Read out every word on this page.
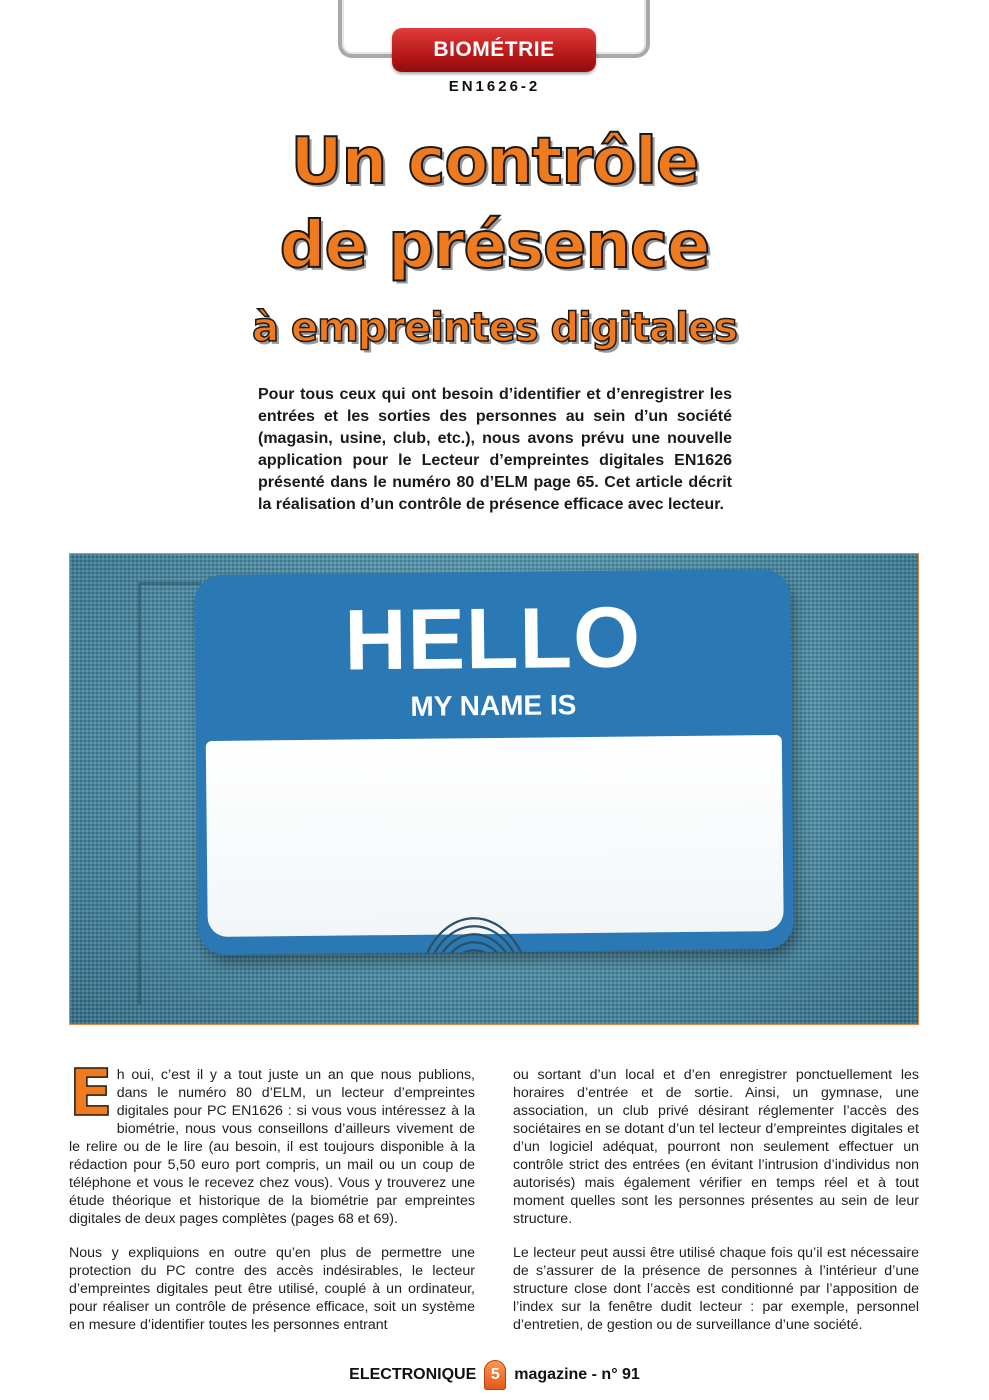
BIOMÉTRIE
EN1626-2
Un contrôle
de présence
à empreintes digitales

Pour tous ceux qui ont besoin d’identifier et d’enregistrer les entrées et les sorties des personnes au sein d’un société (magasin, usine, club, etc.), nous avons prévu une nouvelle application pour le Lecteur d’empreintes digitales EN1626 présenté dans le numéro 80 d’ELM page 65. Cet article décrit la réalisation d’un contrôle de présence efficace avec lecteur.

HELLO
MY NAME IS

Eh oui, c’est il y a tout juste un an que nous publions, dans le numéro 80 d’ELM, un lecteur d’empreintes digitales pour PC EN1626 : si vous vous intéressez à la biométrie, nous vous conseillons d’ailleurs vivement de le relire ou de le lire (au besoin, il est toujours disponible à la rédaction pour 5,50 euro port compris, un mail ou un coup de téléphone et vous le recevez chez vous). Vous y trouverez une étude théorique et historique de la biométrie par empreintes digitales de deux pages complètes (pages 68 et 69).

Nous y expliquions en outre qu’en plus de permettre une protection du PC contre des accès indésirables, le lecteur d’empreintes digitales peut être utilisé, couplé à un ordinateur, pour réaliser un contrôle de présence efficace, soit un système en mesure d’identifier toutes les personnes entrant

ou sortant d’un local et d’en enregistrer ponctuellement les horaires d’entrée et de sortie. Ainsi, un gymnase, une association, un club privé désirant réglementer l’accès des sociétaires en se dotant d’un tel lecteur d’empreintes digitales et d’un logiciel adéquat, pourront non seulement effectuer un contrôle strict des entrées (en évitant l’intrusion d’individus non autorisés) mais également vérifier en temps réel et à tout moment quelles sont les personnes présentes au sein de leur structure.

Le lecteur peut aussi être utilisé chaque fois qu’il est nécessaire de s’assurer de la présence de personnes à l’intérieur d’une structure close dont l’accès est conditionné par l’apposition de l’index sur la fenêtre dudit lecteur : par exemple, personnel d’entretien, de gestion ou de surveillance d’une société.

ELECTRONIQUE 5 magazine - n° 91
